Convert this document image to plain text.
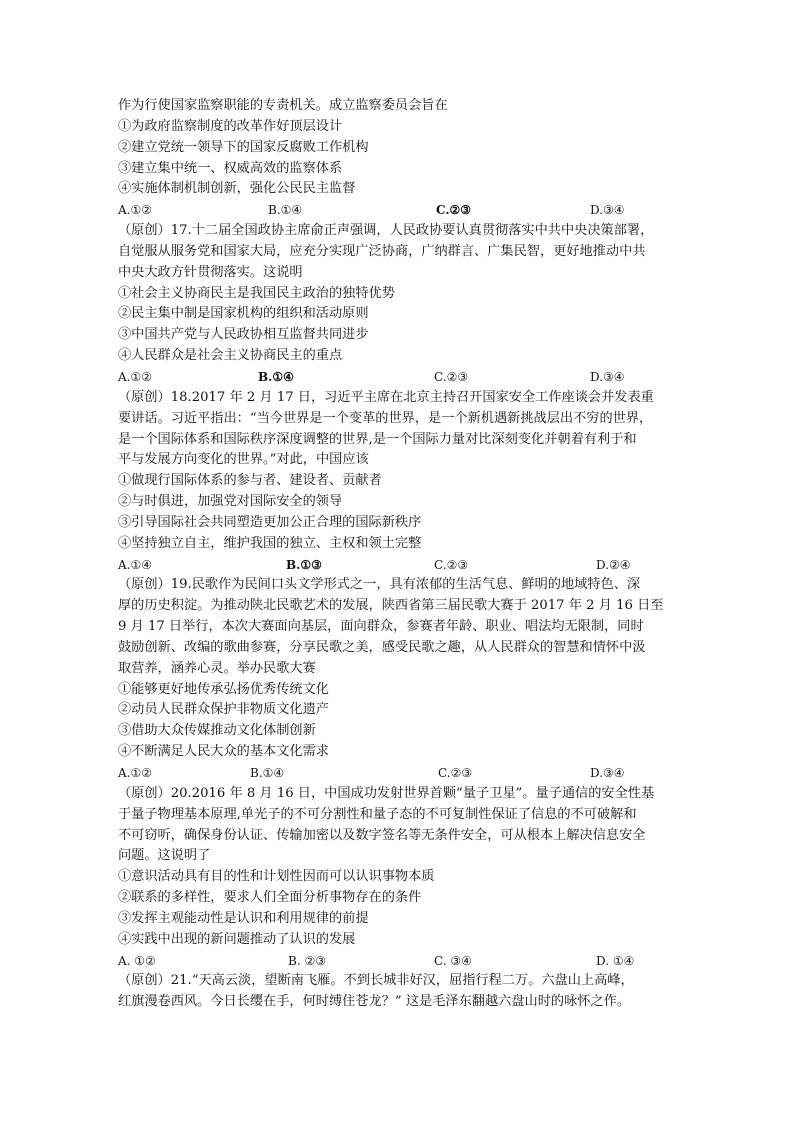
作为行使国家监察职能的专责机关。成立监察委员会旨在
①为政府监察制度的改革作好顶层设计
②建立党统一领导下的国家反腐败工作机构
③建立集中统一、权威高效的监察体系
④实施体制机制创新，强化公民民主监督
A.①②	B.①④	C.②③	D.③④
（原创）17.十二届全国政协主席俞正声强调，人民政协要认真贯彻落实中共中央决策部署，
自觉服从服务党和国家大局，应充分实现广泛协商，广纳群言、广集民智，更好地推动中共
中央大政方针贯彻落实。这说明
①社会主义协商民主是我国民主政治的独特优势
②民主集中制是国家机构的组织和活动原则
③中国共产党与人民政协相互监督共同进步
④人民群众是社会主义协商民主的重点
A.①②	B.①④	C.②③	D.③④
（原创）18.2017 年 2 月 17 日，习近平主席在北京主持召开国家安全工作座谈会并发表重
要讲话。习近平指出：“当今世界是一个变革的世界，是一个新机遇新挑战层出不穷的世界，
是一个国际体系和国际秩序深度调整的世界,是一个国际力量对比深刻变化并朝着有利于和
平与发展方向变化的世界。”对此，中国应该
①做现行国际体系的参与者、建设者、贡献者
②与时俱进，加强党对国际安全的领导
③引导国际社会共同塑造更加公正合理的国际新秩序
④坚持独立自主，维护我国的独立、主权和领土完整
A.①④	B.①③	C.②③	D.②④
（原创）19.民歌作为民间口头文学形式之一，具有浓郁的生活气息、鲜明的地域特色、深
厚的历史积淀。为推动陕北民歌艺术的发展，陕西省第三届民歌大赛于 2017 年 2 月 16 日至
9 月 17 日举行，本次大赛面向基层，面向群众，参赛者年龄、职业、唱法均无限制，同时
鼓励创新、改编的歌曲参赛，分享民歌之美，感受民歌之趣，从人民群众的智慧和情怀中汲
取营养，涵养心灵。举办民歌大赛
①能够更好地传承弘扬优秀传统文化
②动员人民群众保护非物质文化遗产
③借助大众传媒推动文化体制创新
④不断满足人民大众的基本文化需求
A.①②	B.①④	C.②③	D.③④
（原创）20.2016 年 8 月 16 日，中国成功发射世界首颗“量子卫星”。量子通信的安全性基
于量子物理基本原理,单光子的不可分割性和量子态的不可复制性保证了信息的不可破解和
不可窃听，确保身份认证、传输加密以及数字签名等无条件安全，可从根本上解决信息安全
问题。这说明了
①意识活动具有目的性和计划性因而可以认识事物本质
②联系的多样性，要求人们全面分析事物存在的条件
③发挥主观能动性是认识和利用规律的前提
④实践中出现的新问题推动了认识的发展
A. ①②	B. ②③	C. ③④	D. ①④
（原创）21.“天高云淡，望断南飞雁。不到长城非好汉，屈指行程二万。六盘山上高峰，
红旗漫卷西风。今日长缨在手，何时缚住苍龙？” 这是毛泽东翻越六盘山时的咏怀之作。
